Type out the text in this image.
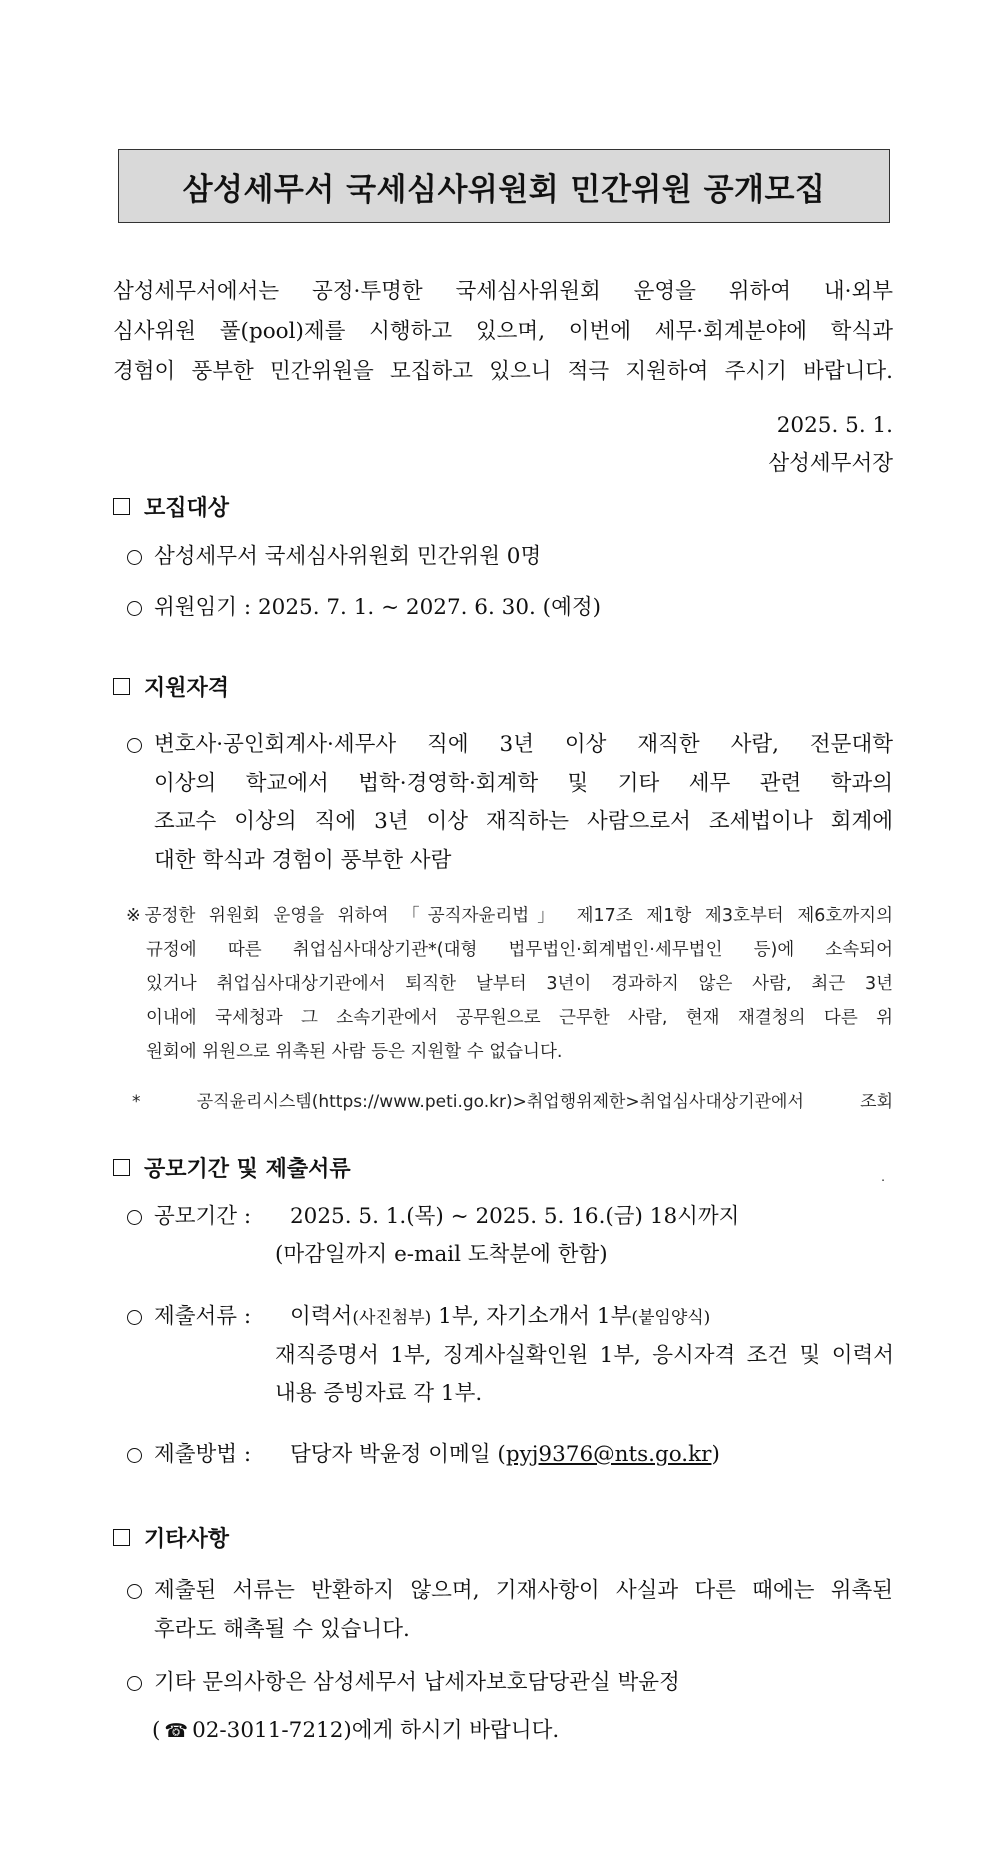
삼성세무서 국세심사위원회 민간위원 공개모집
삼성세무서에서는 공정·투명한 국세심사위원회 운영을 위하여 내·외부
심사위원 풀(pool)제를 시행하고 있으며, 이번에 세무·회계분야에 학식과
경험이 풍부한 민간위원을 모집하고 있으니 적극 지원하여 주시기 바랍니다.
2025. 5. 1.
삼성세무서장
모집대상
삼성세무서 국세심사위원회 민간위원 0명
위원임기 : 2025. 7. 1. ~ 2027. 6. 30. (예정)
지원자격
변호사·공인회계사·세무사 직에 3년 이상 재직한 사람, 전문대학
이상의 학교에서 법학·경영학·회계학 및 기타 세무 관련 학과의
조교수 이상의 직에 3년 이상 재직하는 사람으로서 조세법이나 회계에
대한 학식과 경험이 풍부한 사람
※ 공정한 위원회 운영을 위하여 「공직자윤리법」 제17조 제1항 제3호부터 제6호까지의
규정에 따른 취업심사대상기관*(대형 법무법인·회계법인·세무법인 등)에 소속되어
있거나 취업심사대상기관에서 퇴직한 날부터 3년이 경과하지 않은 사람, 최근 3년
이내에 국세청과 그 소속기관에서 공무원으로 근무한 사람, 현재 재결청의 다른 위
원회에 위원으로 위촉된 사람 등은 지원할 수 없습니다.
* 공직윤리시스템(https://www.peti.go.kr)>취업행위제한>취업심사대상기관에서 조회
공모기간 및 제출서류	.
공모기간 :	2025. 5. 1.(목) ~ 2025. 5. 16.(금) 18시까지
(마감일까지 e-mail 도착분에 한함)
제출서류 :	이력서(사진첨부) 1부, 자기소개서 1부(붙임양식)
재직증명서 1부, 징계사실확인원 1부, 응시자격 조건 및 이력서
내용 증빙자료 각 1부.
제출방법 :	담당자 박윤정 이메일 ( pyj9376@nts.go.kr )
기타사항
제출된 서류는 반환하지 않으며, 기재사항이 사실과 다른 때에는 위촉된
후라도 해촉될 수 있습니다.
기타 문의사항은 삼성세무서 납세자보호담당관실 박윤정
( ☎ 02-3011-7212 )에게 하시기 바랍니다.
